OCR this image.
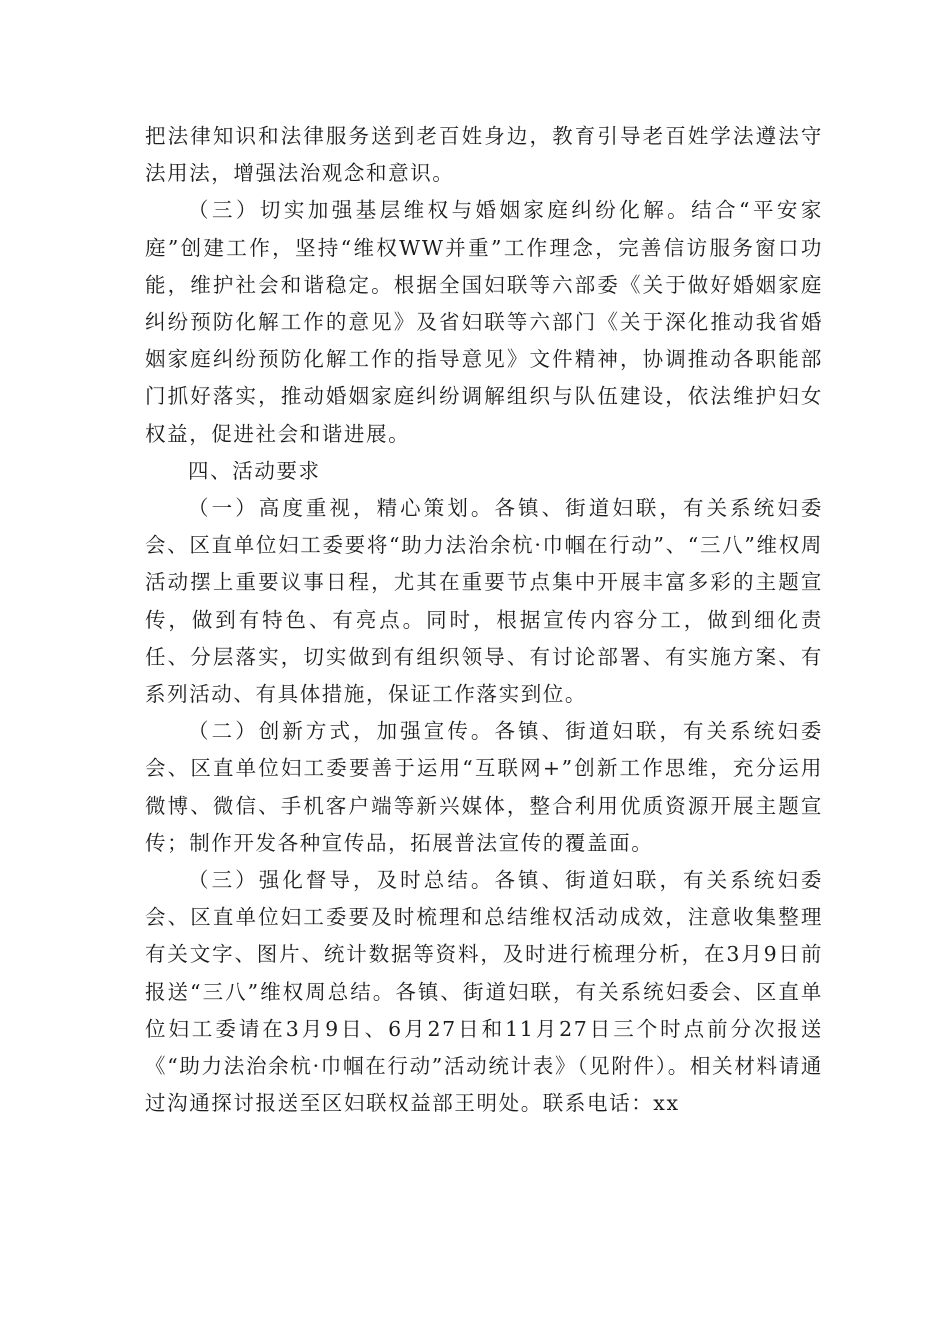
把法律知识和法律服务送到老百姓身边，教育引导老百姓学法遵法守法用法，增强法治观念和意识。

（三）切实加强基层维权与婚姻家庭纠纷化解。结合“平安家庭”创建工作，坚持“维权WW并重”工作理念，完善信访服务窗口功能，维护社会和谐稳定。根据全国妇联等六部委《关于做好婚姻家庭纠纷预防化解工作的意见》及省妇联等六部门《关于深化推动我省婚姻家庭纠纷预防化解工作的指导意见》文件精神，协调推动各职能部门抓好落实，推动婚姻家庭纠纷调解组织与队伍建设，依法维护妇女权益，促进社会和谐进展。

四、活动要求

（一）高度重视，精心策划。各镇、街道妇联，有关系统妇委会、区直单位妇工委要将“助力法治余杭·巾帼在行动”、“三八”维权周活动摆上重要议事日程，尤其在重要节点集中开展丰富多彩的主题宣传，做到有特色、有亮点。同时，根据宣传内容分工，做到细化责任、分层落实，切实做到有组织领导、有讨论部署、有实施方案、有系列活动、有具体措施，保证工作落实到位。

（二）创新方式，加强宣传。各镇、街道妇联，有关系统妇委会、区直单位妇工委要善于运用“互联网+”创新工作思维，充分运用微博、微信、手机客户端等新兴媒体，整合利用优质资源开展主题宣传；制作开发各种宣传品，拓展普法宣传的覆盖面。

（三）强化督导，及时总结。各镇、街道妇联，有关系统妇委会、区直单位妇工委要及时梳理和总结维权活动成效，注意收集整理有关文字、图片、统计数据等资料，及时进行梳理分析，在3月9日前报送“三八”维权周总结。各镇、街道妇联，有关系统妇委会、区直单位妇工委请在3月9日、6月27日和11月27日三个时点前分次报送《“助力法治余杭·巾帼在行动”活动统计表》（见附件）。相关材料请通过沟通探讨报送至区妇联权益部王明处。联系电话：xx
